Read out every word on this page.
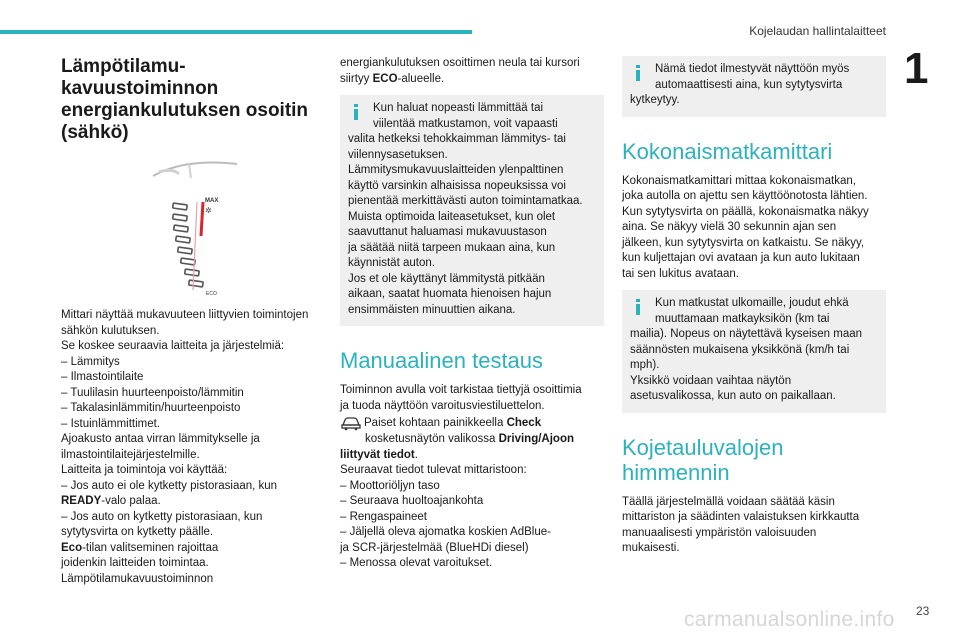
Kojelaudan hallintalaitteet
1
Lämpötilamu-
kavuustoiminnon
energiankulutuksen osoitin
(sähkö)
MAX
✲
ECO
Mittari näyttää mukavuuteen liittyvien toimintojen
sähkön kulutuksen.
Se koskee seuraavia laitteita ja järjestelmiä:
– Lämmitys
– Ilmastointilaite
– Tuulilasin huurteenpoisto/lämmitin
– Takalasinlämmitin/huurteenpoisto
– Istuinlämmittimet.
Ajoakusto antaa virran lämmitykselle ja
ilmastointilaitejärjestelmille.
Laitteita ja toimintoja voi käyttää:
– Jos auto ei ole kytketty pistorasiaan, kun
READY-valo palaa.
– Jos auto on kytketty pistorasiaan, kun
sytytysvirta on kytketty päälle.
Eco-tilan valitseminen rajoittaa
joidenkin laitteiden toimintaa.
Lämpötilamukavuustoiminnon
energiankulutuksen osoittimen neula tai kursori
siirtyy ECO-alueelle.
Kun haluat nopeasti lämmittää tai
viilentää matkustamon, voit vapaasti
valita hetkeksi tehokkaimman lämmitys- tai
viilennysasetuksen.
Lämmitysmukavuuslaitteiden ylenpalttinen
käyttö varsinkin alhaisissa nopeuksissa voi
pienentää merkittävästi auton toimintamatkaa.
Muista optimoida laiteasetukset, kun olet
saavuttanut haluamasi mukavuustason
ja säätää niitä tarpeen mukaan aina, kun
käynnistät auton.
Jos et ole käyttänyt lämmitystä pitkään
aikaan, saatat huomata hienoisen hajun
ensimmäisten minuuttien aikana.
Manuaalinen testaus
Toiminnon avulla voit tarkistaa tiettyjä osoittimia
ja tuoda näyttöön varoitusviestiluettelon.
Paiset kohtaan painikkeella Check
kosketusnäytön valikossa Driving/Ajoon
liittyvät tiedot.
Seuraavat tiedot tulevat mittaristoon:
– Moottoriöljyn taso
– Seuraava huoltoajankohta
– Rengaspaineet
– Jäljellä oleva ajomatka koskien AdBlue-
ja SCR-järjestelmää (BlueHDi diesel)
– Menossa olevat varoitukset.
Nämä tiedot ilmestyvät näyttöön myös
automaattisesti aina, kun sytytysvirta
kytkeytyy.
Kokonaismatkamittari
Kokonaismatkamittari mittaa kokonaismatkan,
joka autolla on ajettu sen käyttöönotosta lähtien.
Kun sytytysvirta on päällä, kokonaismatka näkyy
aina. Se näkyy vielä 30 sekunnin ajan sen
jälkeen, kun sytytysvirta on katkaistu. Se näkyy,
kun kuljettajan ovi avataan ja kun auto lukitaan
tai sen lukitus avataan.
Kun matkustat ulkomaille, joudut ehkä
muuttamaan matkayksikön (km tai
mailia). Nopeus on näytettävä kyseisen maan
säännösten mukaisena yksikkönä (km/h tai
mph).
Yksikkö voidaan vaihtaa näytön
asetusvalikossa, kun auto on paikallaan.
Kojetauluvalojen
himmennin
Täällä järjestelmällä voidaan säätää käsin
mittariston ja säädinten valaistuksen kirkkautta
manuaalisesti ympäristön valoisuuden
mukaisesti.
carmanualsonline.info 23
